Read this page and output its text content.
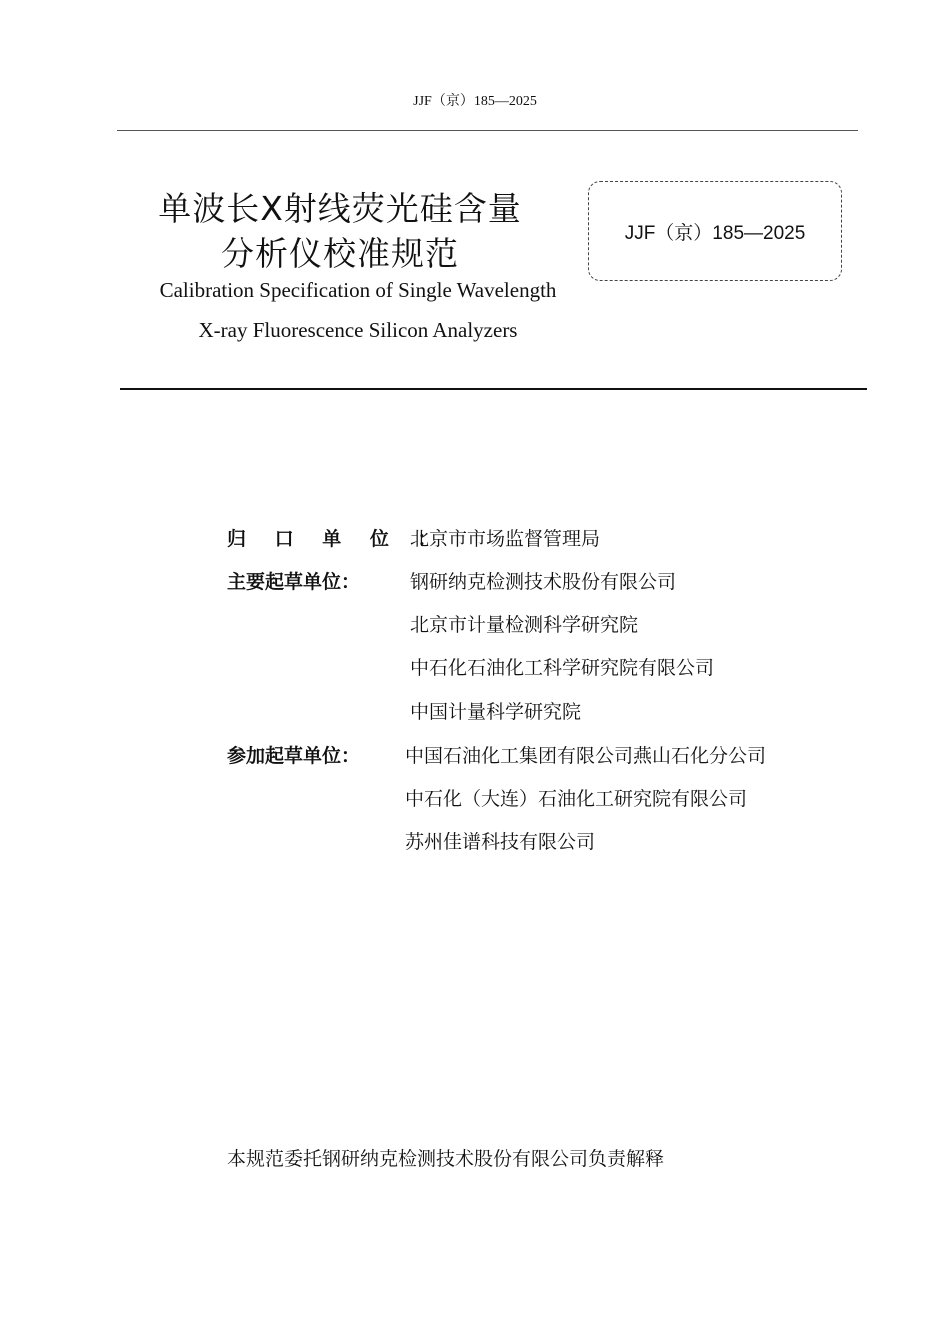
JJF（京）185—2025
单波长X射线荧光硅含量
分析仪校准规范
Calibration Specification of Single Wavelength
X-ray Fluorescence Silicon Analyzers
JJF（京）185—2025
归 口 单 位 ：
北京市市场监督管理局
主要起草单位：	钢研纳克检测技术股份有限公司
北京市计量检测科学研究院
中石化石油化工科学研究院有限公司
中国计量科学研究院
参加起草单位：	中国石油化工集团有限公司燕山石化分公司
中石化（大连）石油化工研究院有限公司
苏州佳谱科技有限公司
本规范委托钢研纳克检测技术股份有限公司负责解释
